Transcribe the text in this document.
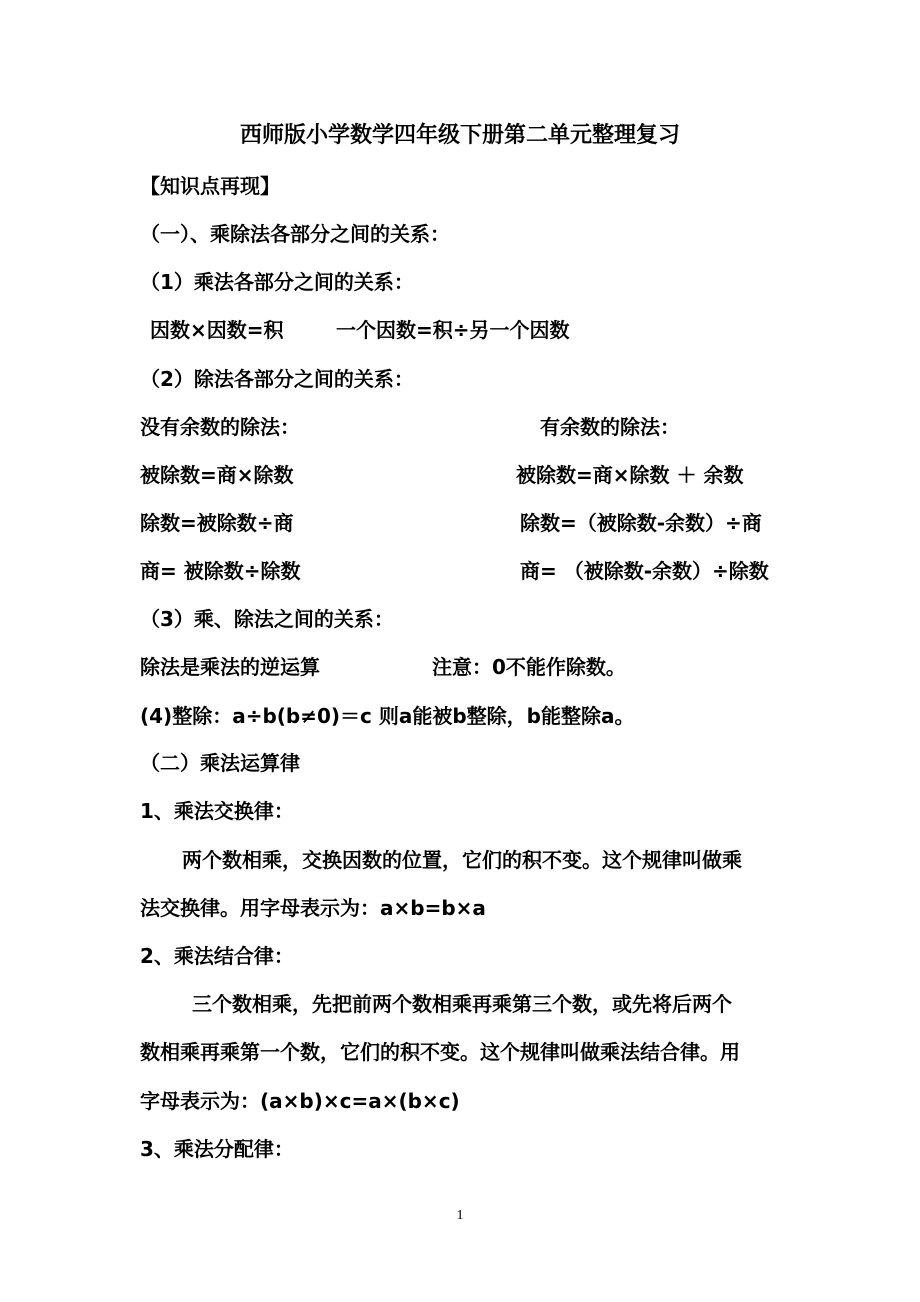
西师版小学数学四年级下册第二单元整理复习
【知识点再现】
（一）、乘除法各部分之间的关系：
（1）乘法各部分之间的关系：
因数×因数=积	一个因数=积÷另一个因数
（2）除法各部分之间的关系：
没有余数的除法：	有余数的除法：
被除数=商×除数	被除数=商×除数 ＋ 余数
除数=被除数÷商	除数=（被除数-余数）÷商
商= 被除数÷除数	商= （被除数-余数）÷除数
（3）乘、除法之间的关系：
除法是乘法的逆运算	注意：0不能作除数。
(4)整除：a÷b(b≠0)＝c 则a能被b整除，b能整除a。
（二）乘法运算律
1、乘法交换律：
两个数相乘，交换因数的位置，它们的积不变。这个规律叫做乘
法交换律。用字母表示为：a×b=b×a
2、乘法结合律：
三个数相乘，先把前两个数相乘再乘第三个数，或先将后两个
数相乘再乘第一个数，它们的积不变。这个规律叫做乘法结合律。用
字母表示为：(a×b)×c=a×(b×c)
3、乘法分配律：
1
